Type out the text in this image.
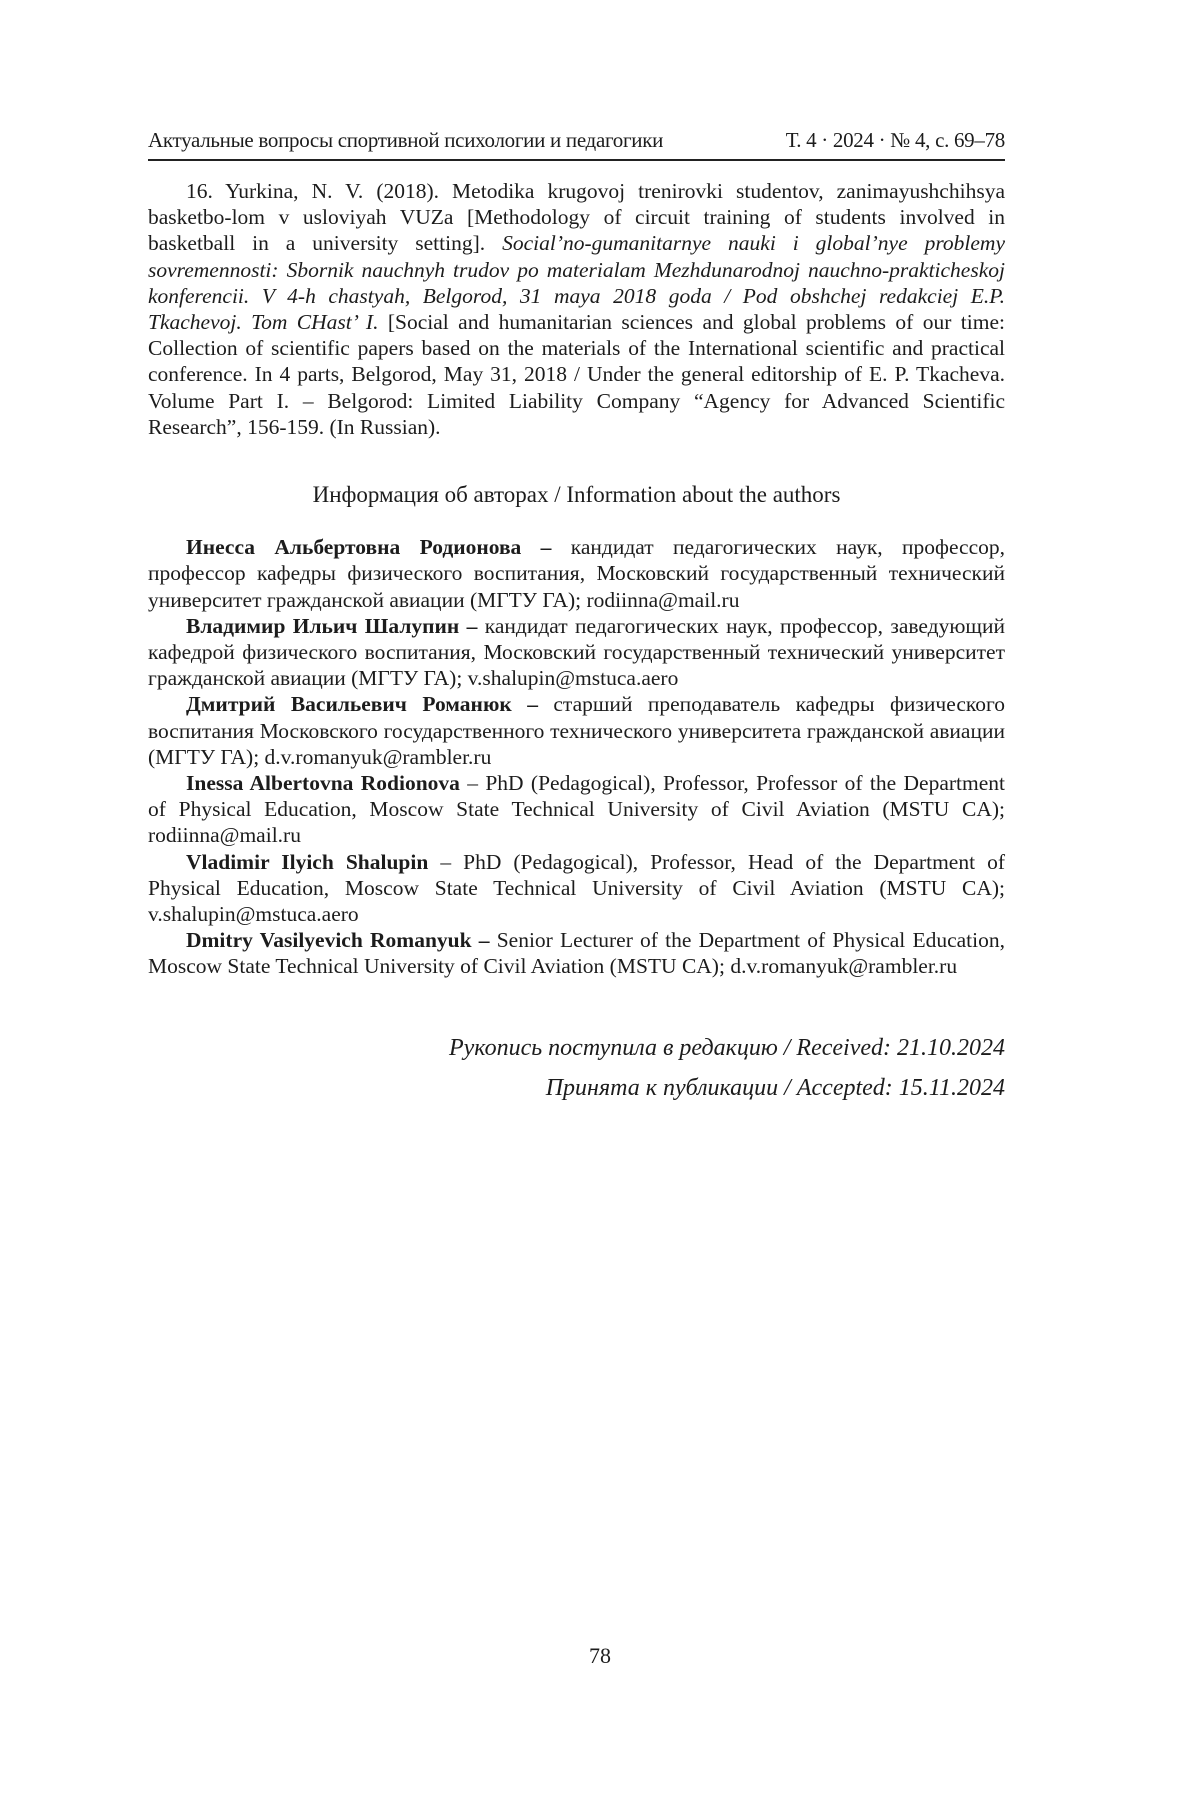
Актуальные вопросы спортивной психологии и педагогики	Т. 4 · 2024 · № 4, с. 69–78

16. Yurkina, N. V. (2018). Metodika krugovoj trenirovki studentov, zanimayushchihsya basketbo-lom v usloviyah VUZa [Methodology of circuit training of students involved in basketball in a university setting]. Social’no-gumanitarnye nauki i global’nye problemy sovremennosti: Sbornik nauchnyh trudov po materialam Mezhdunarodnoj nauchno-prakticheskoj konferencii. V 4-h chastyah, Belgorod, 31 maya 2018 goda / Pod obshchej redakciej E.P. Tkachevoj. Tom CHast’ I. [Social and humanitarian sciences and global problems of our time: Collection of scientific papers based on the materials of the International scientific and practical conference. In 4 parts, Belgorod, May 31, 2018 / Under the general editorship of E. P. Tkacheva. Volume Part I. – Belgorod: Limited Liability Company “Agency for Advanced Scientific Research”, 156-159. (In Russian).

Информация об авторах / Information about the authors

Инесса Альбертовна Родионова – кандидат педагогических наук, профессор, профессор кафедры физического воспитания, Московский государственный технический университет гражданской авиации (МГТУ ГА); rodiinna@mail.ru

Владимир Ильич Шалупин – кандидат педагогических наук, профессор, заведующий кафедрой физического воспитания, Московский государственный технический университет гражданской авиации (МГТУ ГА); v.shalupin@mstuca.aero

Дмитрий Васильевич Романюк – старший преподаватель кафедры физического воспитания Московского государственного технического университета гражданской авиации (МГТУ ГА); d.v.romanyuk@rambler.ru

Inessa Albertovna Rodionova – PhD (Pedagogical), Professor, Professor of the Department of Physical Education, Moscow State Technical University of Civil Aviation (MSTU CA); rodiinna@mail.ru

Vladimir Ilyich Shalupin – PhD (Pedagogical), Professor, Head of the Department of Physical Education, Moscow State Technical University of Civil Aviation (MSTU CA); v.shalupin@mstuca.aero

Dmitry Vasilyevich Romanyuk – Senior Lecturer of the Department of Physical Education, Moscow State Technical University of Civil Aviation (MSTU CA); d.v.romanyuk@rambler.ru

Рукопись поступила в редакцию / Received: 21.10.2024
Принята к публикации / Accepted: 15.11.2024
78
